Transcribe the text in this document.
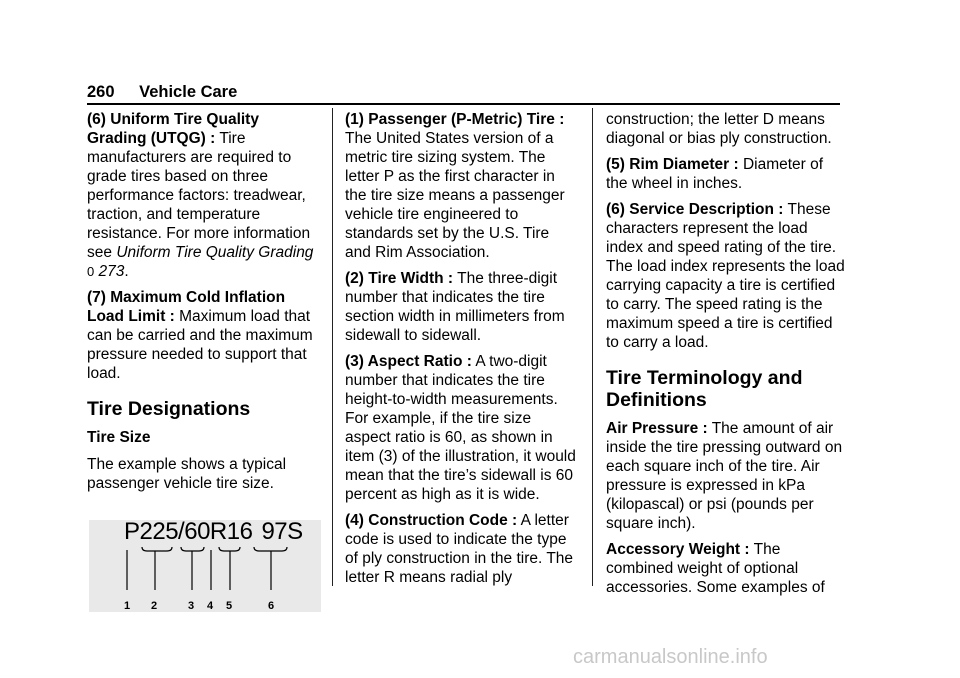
260 Vehicle Care

(6) Uniform Tire Quality Grading (UTQG) : Tire manufacturers are required to grade tires based on three performance factors: treadwear, traction, and temperature resistance. For more information see Uniform Tire Quality Grading 0 273.

(7) Maximum Cold Inflation Load Limit : Maximum load that can be carried and the maximum pressure needed to support that load.

Tire Designations
Tire Size

The example shows a typical passenger vehicle tire size.

P225/60R16 97S
1 2	3 4 5	6

(1) Passenger (P-Metric) Tire : The United States version of a metric tire sizing system. The letter P as the first character in the tire size means a passenger vehicle tire engineered to standards set by the U.S. Tire and Rim Association.

(2) Tire Width : The three-digit number that indicates the tire section width in millimeters from sidewall to sidewall.

(3) Aspect Ratio : A two-digit number that indicates the tire height-to-width measurements. For example, if the tire size aspect ratio is 60, as shown in item (3) of the illustration, it would mean that the tire’s sidewall is 60 percent as high as it is wide.

(4) Construction Code : A letter code is used to indicate the type of ply construction in the tire. The letter R means radial ply

construction; the letter D means diagonal or bias ply construction.

(5) Rim Diameter : Diameter of the wheel in inches.

(6) Service Description : These characters represent the load index and speed rating of the tire. The load index represents the load carrying capacity a tire is certified to carry. The speed rating is the maximum speed a tire is certified to carry a load.

Tire Terminology and Definitions

Air Pressure : The amount of air inside the tire pressing outward on each square inch of the tire. Air pressure is expressed in kPa (kilopascal) or psi (pounds per square inch).

Accessory Weight : The combined weight of optional accessories. Some examples of

carmanualsonline.info
